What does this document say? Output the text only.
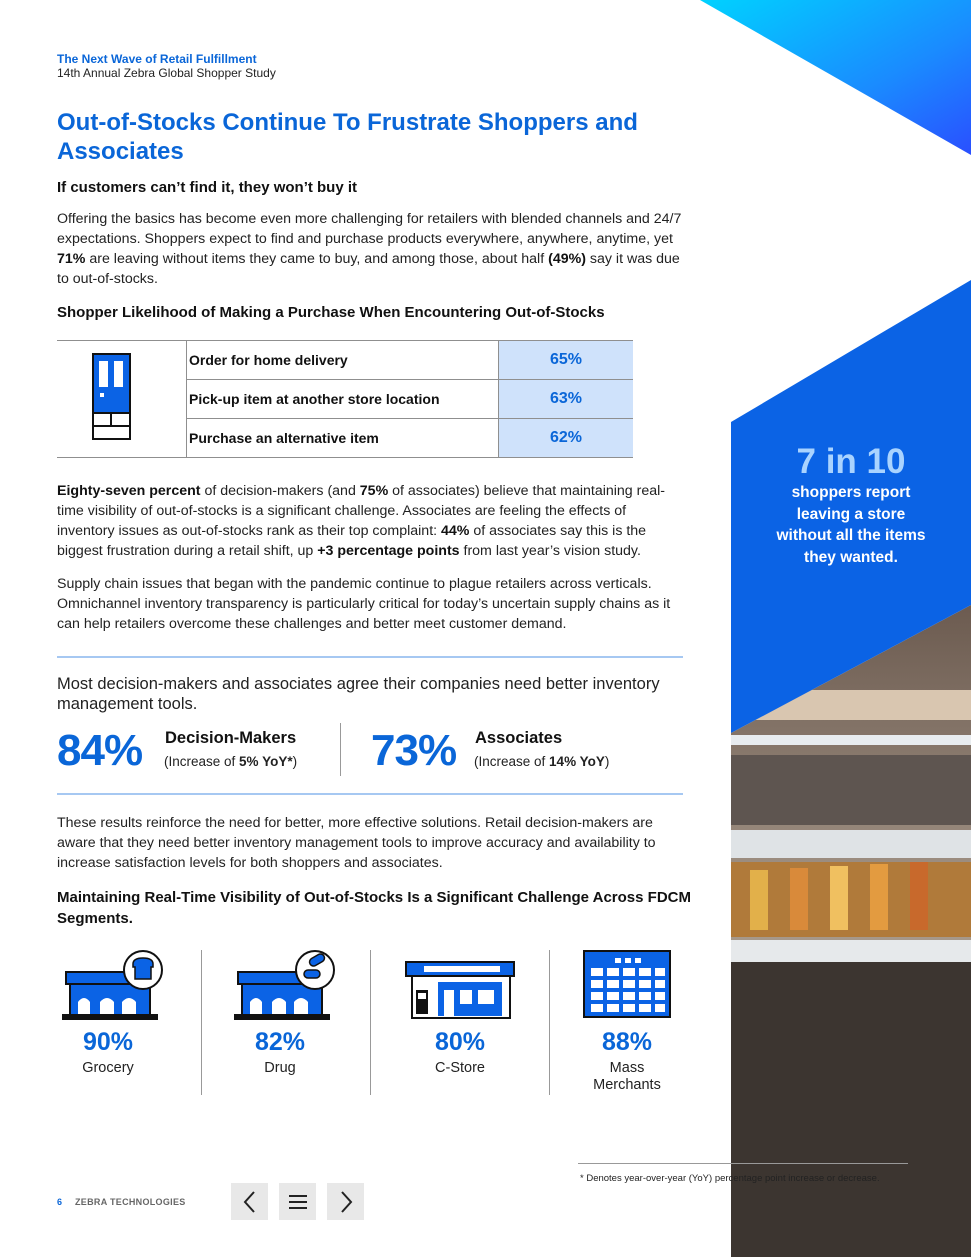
7 in 10
shoppers report leaving a store without all the items they wanted.
The Next Wave of Retail Fulfillment
14th Annual Zebra Global Shopper Study
Out-of-Stocks Continue To Frustrate Shoppers and Associates
If customers can’t find it, they won’t buy it
Offering the basics has become even more challenging for retailers with blended channels and 24/7 expectations. Shoppers expect to find and purchase products everywhere, anywhere, anytime, yet 71% are leaving without items they came to buy, and among those, about half (49%) say it was due to out-of-stocks.
Shopper Likelihood of Making a Purchase When Encountering Out-of-Stocks
	Order for home delivery	65%
	Pick-up item at another store location	63%
	Purchase an alternative item	62%
Eighty-seven percent of decision-makers (and 75% of associates) believe that maintaining real-time visibility of out-of-stocks is a significant challenge. Associates are feeling the effects of inventory issues as out-of-stocks rank as their top complaint: 44% of associates say this is the biggest frustration during a retail shift, up +3 percentage points from last year’s vision study.
Supply chain issues that began with the pandemic continue to plague retailers across verticals. Omnichannel inventory transparency is particularly critical for today’s uncertain supply chains as it can help retailers overcome these challenges and better meet customer demand.
Most decision-makers and associates agree their companies need better inventory management tools.
84% Decision-Makers
(Increase of 5% YoY*) 73% Associates
(Increase of 14% YoY)
These results reinforce the need for better, more effective solutions. Retail decision-makers are aware that they need better inventory management tools to improve accuracy and availability to increase satisfaction levels for both shoppers and associates.
Maintaining Real-Time Visibility of Out-of-Stocks Is a Significant Challenge Across FDCM Segments.
90%
Grocery
82%
Drug
80%
C-Store
88%
Mass Merchants
* Denotes year-over-year (YoY) percentage point increase or decrease.
6 ZEBRA TECHNOLOGIES
